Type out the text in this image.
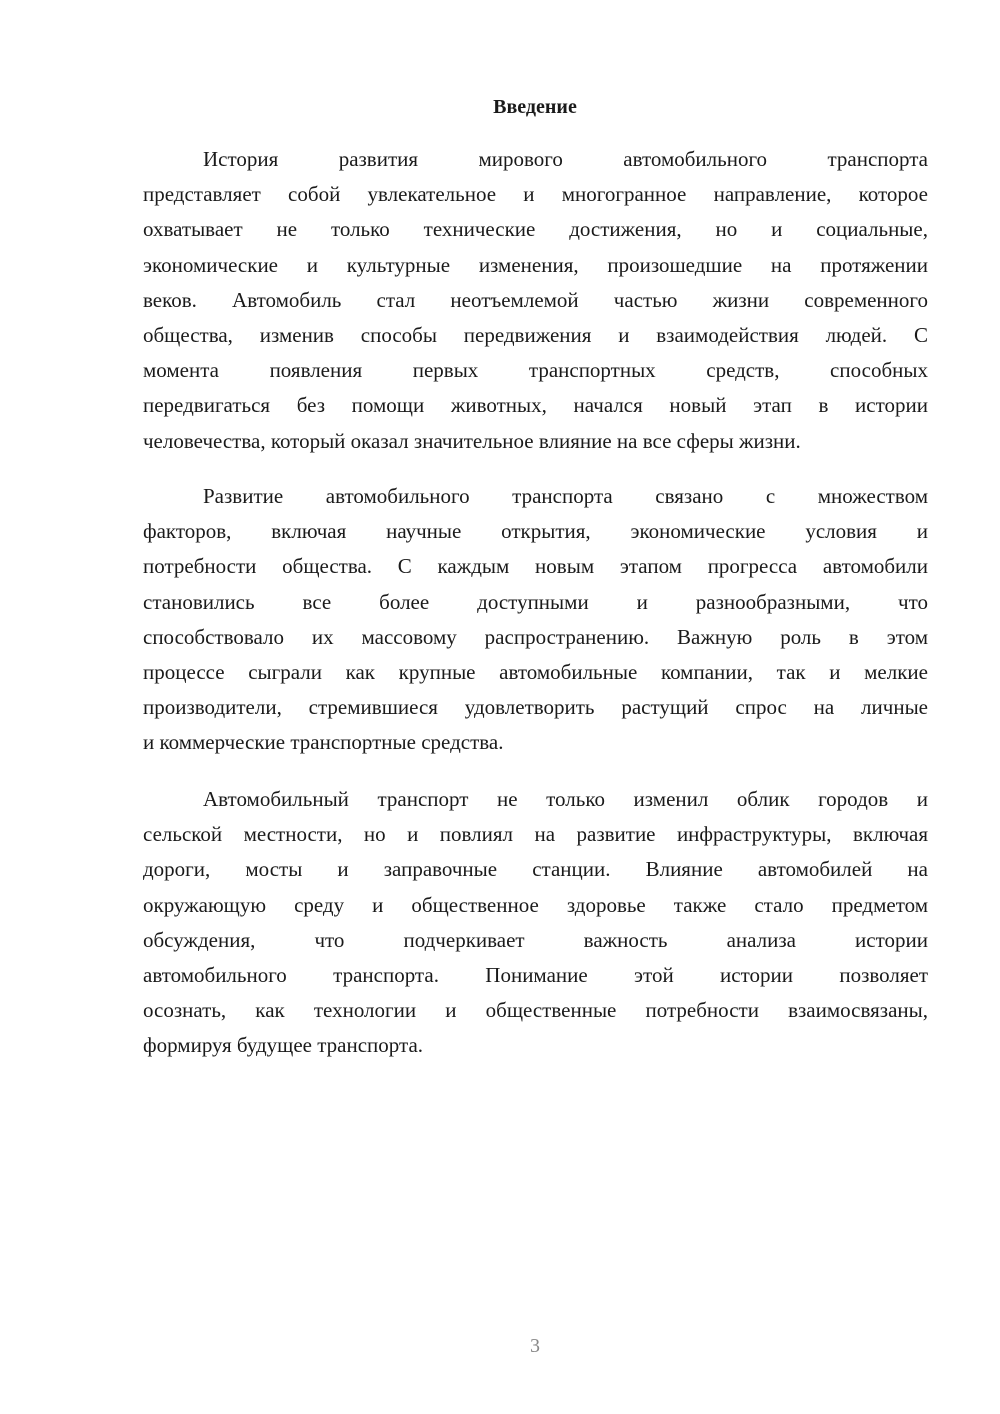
Введение
История развития мирового автомобильного транспорта
представляет собой увлекательное и многогранное направление, которое
охватывает не только технические достижения, но и социальные,
экономические и культурные изменения, произошедшие на протяжении
веков. Автомобиль стал неотъемлемой частью жизни современного
общества, изменив способы передвижения и взаимодействия людей. С
момента появления первых транспортных средств, способных
передвигаться без помощи животных, начался новый этап в истории
человечества, который оказал значительное влияние на все сферы жизни.
Развитие автомобильного транспорта связано с множеством
факторов, включая научные открытия, экономические условия и
потребности общества. С каждым новым этапом прогресса автомобили
становились все более доступными и разнообразными, что
способствовало их массовому распространению. Важную роль в этом
процессе сыграли как крупные автомобильные компании, так и мелкие
производители, стремившиеся удовлетворить растущий спрос на личные
и коммерческие транспортные средства.
Автомобильный транспорт не только изменил облик городов и
сельской местности, но и повлиял на развитие инфраструктуры, включая
дороги, мосты и заправочные станции. Влияние автомобилей на
окружающую среду и общественное здоровье также стало предметом
обсуждения, что подчеркивает важность анализа истории
автомобильного транспорта. Понимание этой истории позволяет
осознать, как технологии и общественные потребности взаимосвязаны,
формируя будущее транспорта.
3
